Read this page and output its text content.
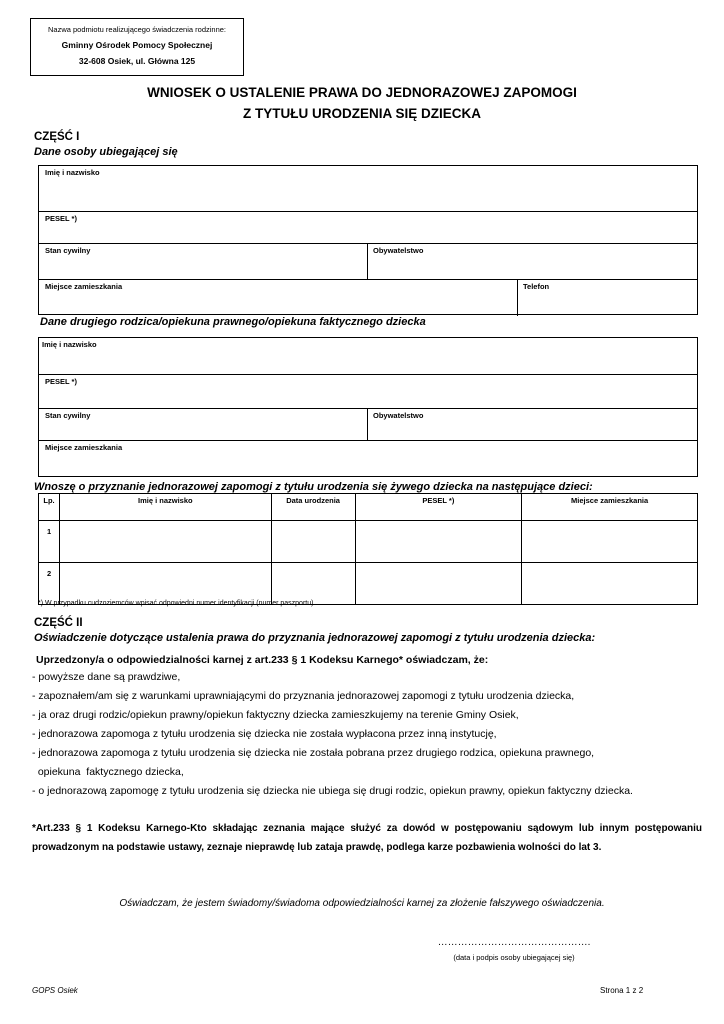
Nazwa podmiotu realizującego świadczenia rodzinne:
Gminny Ośrodek Pomocy Społecznej
32-608 Osiek, ul. Główna 125
WNIOSEK O USTALENIE PRAWA DO JEDNORAZOWEJ ZAPOMOGI
Z TYTUŁU URODZENIA SIĘ DZIECKA
CZĘŚĆ I
Dane osoby ubiegającej się
Imię i nazwisko
PESEL *)
Stan cywilny	Obywatelstwo
Miejsce zamieszkania	Telefon
Dane drugiego rodzica/opiekuna prawnego/opiekuna faktycznego dziecka
Imię i nazwisko
PESEL *)
Stan cywilny	Obywatelstwo
Miejsce zamieszkania
Wnoszę o przyznanie jednorazowej zapomogi z tytułu urodzenia się żywego dziecka na następujące dzieci:
Lp.	Imię i nazwisko	Data urodzenia	PESEL *)	Miejsce zamieszkania
1				
2				
*) W przypadku cudzoziemców wpisać odpowiedni numer identyfikacji (numer paszportu).
CZĘŚĆ II
Oświadczenie dotyczące ustalenia prawa do przyznania jednorazowej zapomogi z tytułu urodzenia dziecka:
Uprzedzony/a o odpowiedzialności karnej z art.233 § 1 Kodeksu Karnego* oświadczam, że:
- powyższe dane są prawdziwe,
- zapoznałem/am się z warunkami uprawniającymi do przyznania jednorazowej zapomogi z tytułu urodzenia dziecka,
- ja oraz drugi rodzic/opiekun prawny/opiekun faktyczny dziecka zamieszkujemy na terenie Gminy Osiek,
- jednorazowa zapomoga z tytułu urodzenia się dziecka nie została wypłacona przez inną instytucję,
- jednorazowa zapomoga z tytułu urodzenia się dziecka nie została pobrana przez drugiego rodzica, opiekuna prawnego,
opiekuna  faktycznego dziecka,
- o jednorazową zapomogę z tytułu urodzenia się dziecka nie ubiega się drugi rodzic, opiekun prawny, opiekun faktyczny dziecka.
*Art.233 § 1 Kodeksu Karnego-Kto składając zeznania mające służyć za dowód w postępowaniu sądowym lub innym postępowaniu prowadzonym na podstawie ustawy, zeznaje nieprawdę lub zataja prawdę, podlega karze pozbawienia wolności do lat 3.
Oświadczam, że jestem świadomy/świadoma odpowiedzialności karnej za złożenie fałszywego oświadczenia.
……………………………………….
(data i podpis osoby ubiegającej się)
GOPS Osiek	Strona 1 z 2
